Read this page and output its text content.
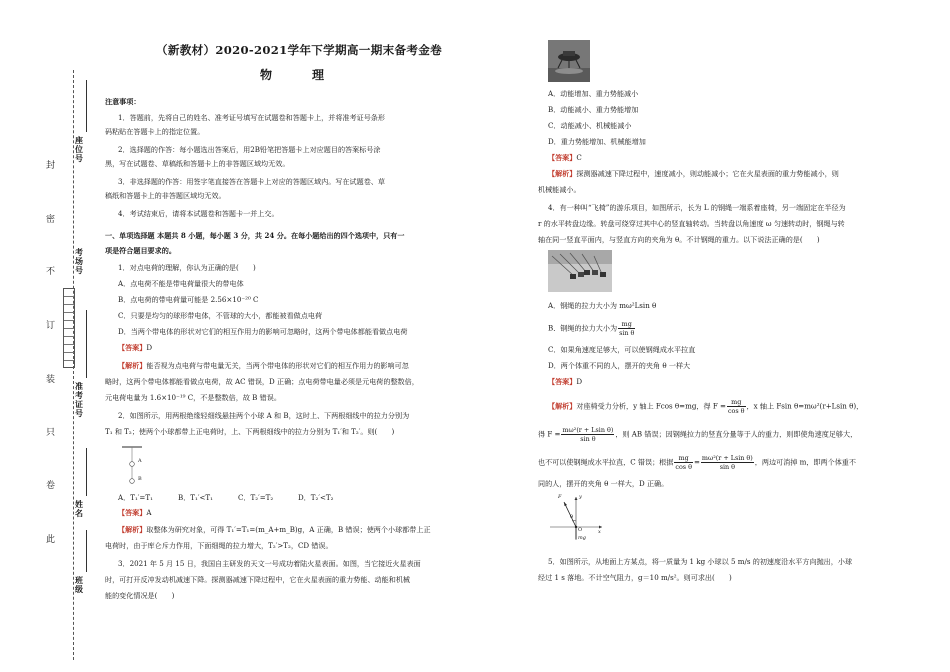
封
密
不
订
装
只
卷
此
座位号
考场号
准考证号
姓名
班级
（新教材）2020-2021学年下学期高一期末备考金卷
物　理
注意事项：
1．答题前，先将自己的姓名、准考证号填写在试题卷和答题卡上，并将准考证号条形
码粘贴在答题卡上的指定位置。
2．选择题的作答：每小题选出答案后，用2B铅笔把答题卡上对应题目的答案标号涂
黑，写在试题卷、草稿纸和答题卡上的非答题区域均无效。
3．非选择题的作答：用签字笔直接答在答题卡上对应的答题区域内。写在试题卷、草
稿纸和答题卡上的非答题区域均无效。
4．考试结束后，请将本试题卷和答题卡一并上交。
一、单项选择题 本题共 8 小题，每小题 3 分，共 24 分。在每小题给出的四个选项中，只有一
项是符合题目要求的。
1．对点电荷的理解，你认为正确的是(　　)
A．点电荷不能是带电荷量很大的带电体
B．点电荷的带电荷量可能是 2.56×10⁻²⁰ C
C．只要是均匀的球形带电体，不管球的大小，都能被看做点电荷
D．当两个带电体的形状对它们的相互作用力的影响可忽略时，这两个带电体都能看做点电荷
【答案】D
【解析】能否视为点电荷与带电量无关，当两个带电体的形状对它们的相互作用力的影响可忽
略时，这两个带电体都能看做点电荷，故 AC 错误，D 正确；点电荷带电量必须是元电荷的整数倍，
元电荷电量为 1.6×10⁻¹⁹ C，不是整数倍，故 B 错误。
2．如图所示，用两根绝缘轻细线悬挂两个小球 A 和 B，这时上、下两根细线中的拉力分别为
T₁ 和 T₂；使两个小球都带上正电荷时，上、下两根细线中的拉力分别为 T₁′和 T₂′。则(　　)
A
B
A．T₁′=T₁	B．T₁′<T₁	C．T₂′=T₂	D．T₂′<T₂
【答案】A
【解析】取整体为研究对象，可得 T₁′=T₁=(m_A+m_B)g，A 正确，B 错误；使两个小球都带上正
电荷时，由于库仑斥力作用，下面细绳的拉力增大，T₂′>T₂，CD 错误。
3．2021 年 5 月 15 日，我国自主研发的天文一号成功着陆火星表面。如图，当它接近火星表面
时，可打开反冲发动机减速下降。探测器减速下降过程中，它在火星表面的重力势能、动能和机械
能的变化情况是(　　)
A．动能增加、重力势能减小
B．动能减小、重力势能增加
C．动能减小、机械能减小
D．重力势能增加、机械能增加
【答案】C
【解析】探测器减速下降过程中，速度减小，则动能减小；它在火星表面的重力势能减小，则
机械能减小。
4．有一种叫“飞椅”的游乐项目，如图所示，长为 L 的钢绳一端系着座椅，另一端固定在半径为
r 的水平转盘边缘。转盘可绕穿过其中心的竖直轴转动。当转盘以角速度 ω 匀速转动时，钢绳与转
轴在同一竖直平面内，与竖直方向的夹角为 θ。不计钢绳的重力。以下说法正确的是(　　)
A．钢绳的拉力大小为 mω²Lsin θ
B．钢绳的拉力大小为 $\frac{mg}{\text{sin θ}}$
C．如果角速度足够大，可以使钢绳成水平拉直
D．两个体重不同的人，摆开的夹角 θ 一样大
【答案】D
【解析】对座椅受力分析，y 轴上 Fcos θ=mg，得 $F = \frac{mg}{\text{cos θ}}$ ，x 轴上 Fsin θ=mω²(r+Lsin θ)，
得 $F = \frac{\text{mω²(r + Lsin θ)}}{\text{sin θ}}$ ，则 AB 错误；因钢绳拉力的竖直分量等于人的重力，则即使角速度足够大，
也不可以使钢绳成水平拉直，C 错误；根据 $\frac{mg}{\text{cos θ}} = \frac{\text{mω²(r + Lsin θ)}}{\text{sin θ}}$ ，两边可消掉 m，即两个体重不
同的人，摆开的夹角 θ 一样大，D 正确。
F
θ
mg
O	x
y
5．如图所示，从地面上方某点，将一质量为 1 kg 小球以 5 m/s 的初速度沿水平方向抛出，小球
经过 1 s 落地。不计空气阻力，g＝10 m/s²。则可求出(　　)
